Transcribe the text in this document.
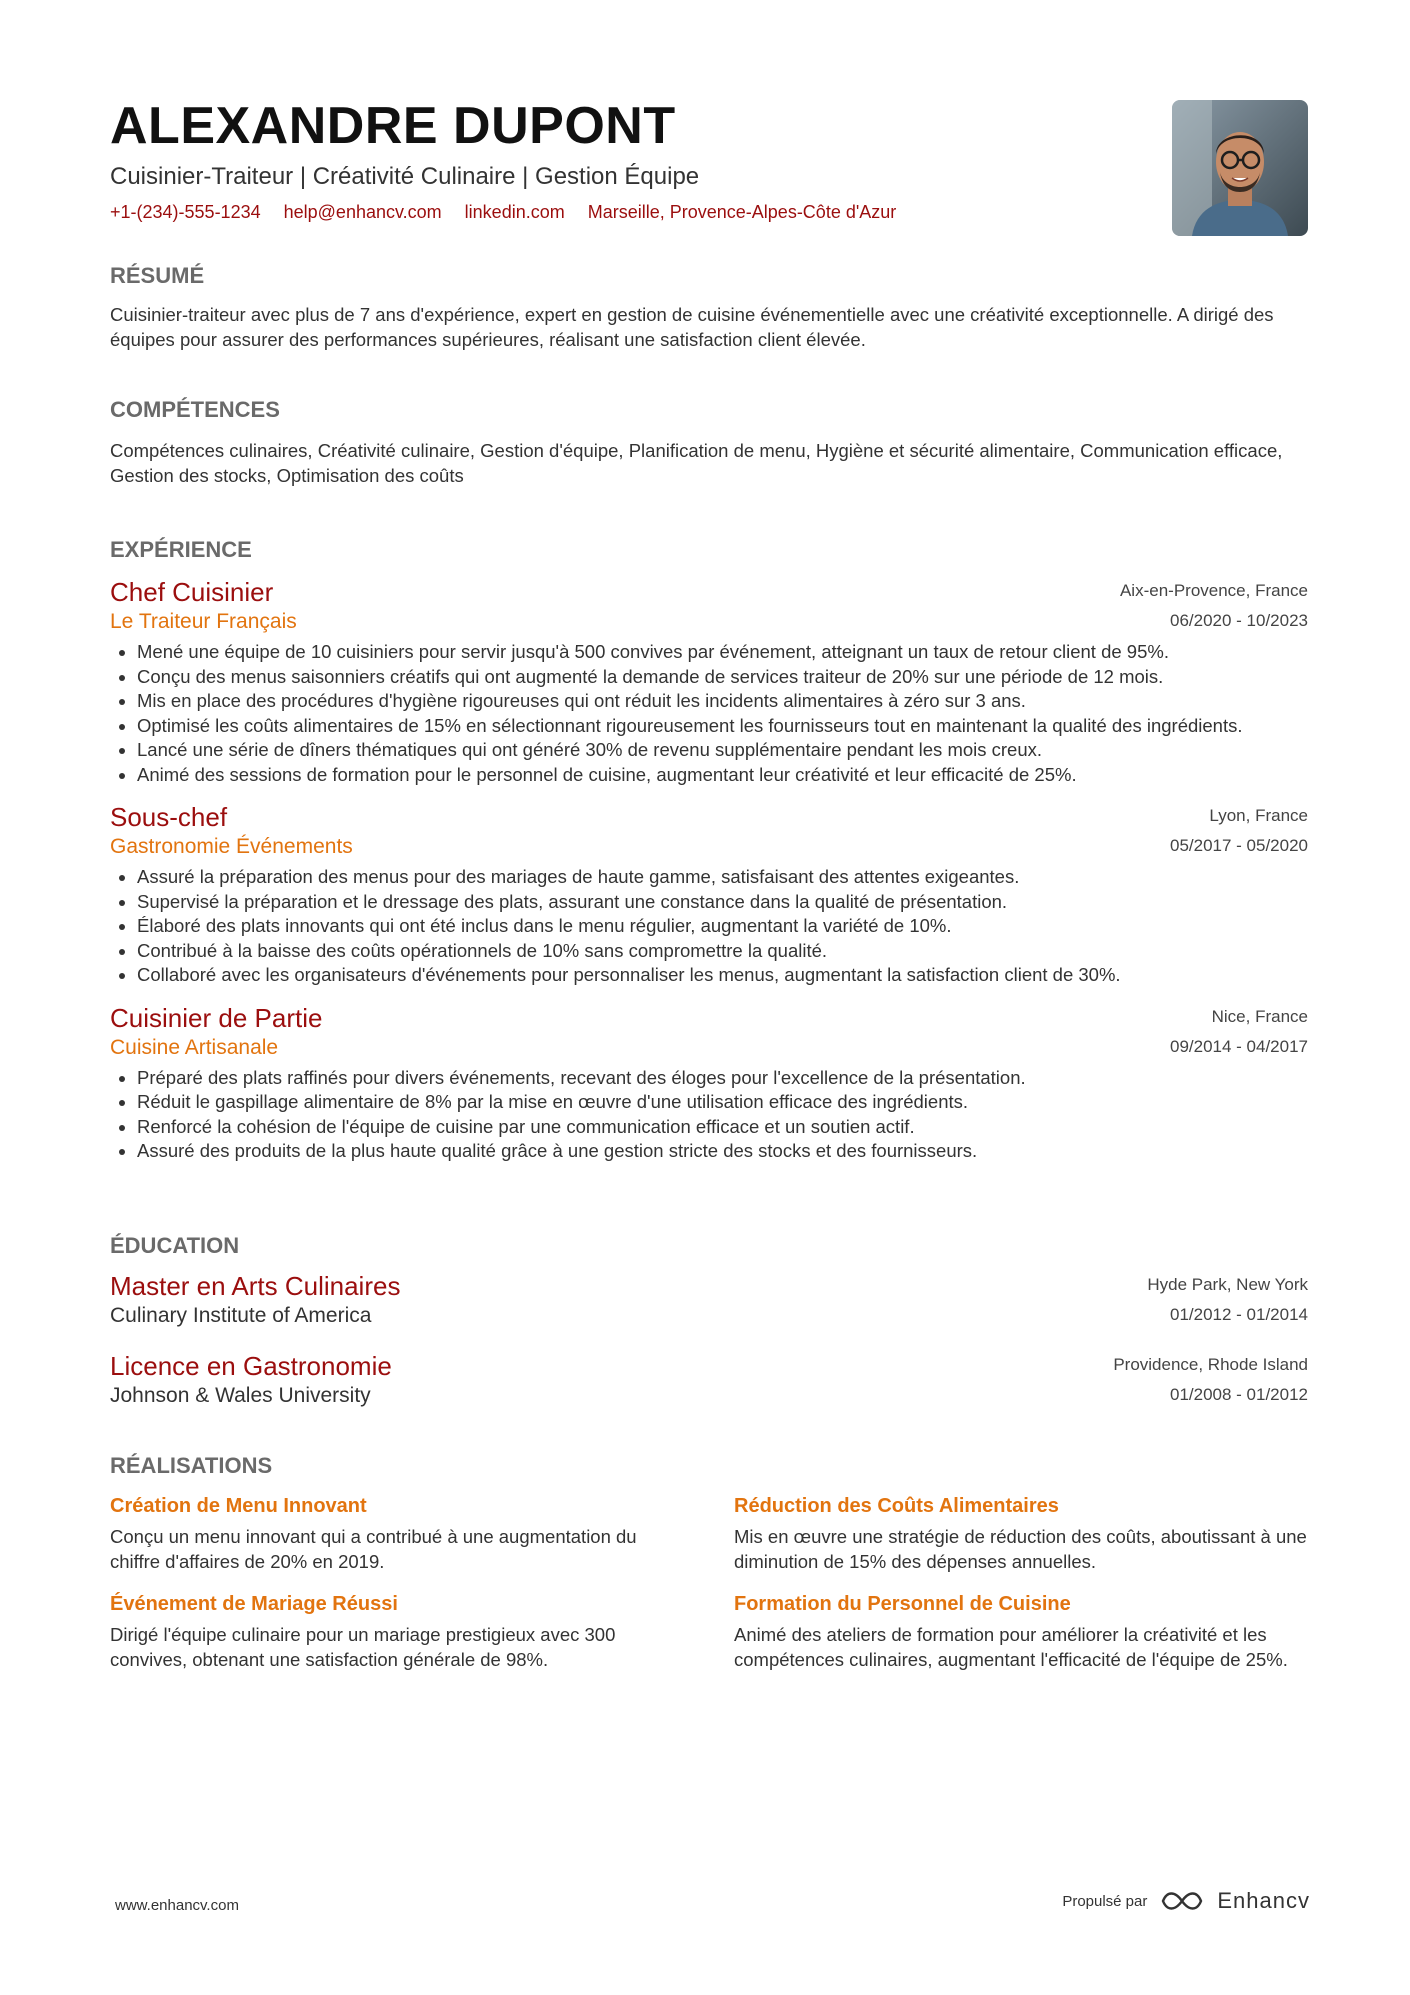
ALEXANDRE DUPONT
Cuisinier-Traiteur | Créativité Culinaire | Gestion Équipe
+1-(234)-555-1234 help@enhancv.com linkedin.com Marseille, Provence-Alpes-Côte d'Azur
RÉSUMÉ
Cuisinier-traiteur avec plus de 7 ans d'expérience, expert en gestion de cuisine événementielle avec une créativité exceptionnelle. A dirigé des équipes pour assurer des performances supérieures, réalisant une satisfaction client élevée.
COMPÉTENCES
Compétences culinaires, Créativité culinaire, Gestion d'équipe, Planification de menu, Hygiène et sécurité alimentaire, Communication efficace, Gestion des stocks, Optimisation des coûts
EXPÉRIENCE
Chef Cuisinier
Le Traiteur Français
Aix-en-Provence, France
06/2020 - 10/2023
• Mené une équipe de 10 cuisiniers pour servir jusqu'à 500 convives par événement, atteignant un taux de retour client de 95%.
• Conçu des menus saisonniers créatifs qui ont augmenté la demande de services traiteur de 20% sur une période de 12 mois.
• Mis en place des procédures d'hygiène rigoureuses qui ont réduit les incidents alimentaires à zéro sur 3 ans.
• Optimisé les coûts alimentaires de 15% en sélectionnant rigoureusement les fournisseurs tout en maintenant la qualité des ingrédients.
• Lancé une série de dîners thématiques qui ont généré 30% de revenu supplémentaire pendant les mois creux.
• Animé des sessions de formation pour le personnel de cuisine, augmentant leur créativité et leur efficacité de 25%.
Sous-chef
Gastronomie Événements
Lyon, France
05/2017 - 05/2020
• Assuré la préparation des menus pour des mariages de haute gamme, satisfaisant des attentes exigeantes.
• Supervisé la préparation et le dressage des plats, assurant une constance dans la qualité de présentation.
• Élaboré des plats innovants qui ont été inclus dans le menu régulier, augmentant la variété de 10%.
• Contribué à la baisse des coûts opérationnels de 10% sans compromettre la qualité.
• Collaboré avec les organisateurs d'événements pour personnaliser les menus, augmentant la satisfaction client de 30%.
Cuisinier de Partie
Cuisine Artisanale
Nice, France
09/2014 - 04/2017
• Préparé des plats raffinés pour divers événements, recevant des éloges pour l'excellence de la présentation.
• Réduit le gaspillage alimentaire de 8% par la mise en œuvre d'une utilisation efficace des ingrédients.
• Renforcé la cohésion de l'équipe de cuisine par une communication efficace et un soutien actif.
• Assuré des produits de la plus haute qualité grâce à une gestion stricte des stocks et des fournisseurs.
ÉDUCATION
Master en Arts Culinaires
Culinary Institute of America
Hyde Park, New York
01/2012 - 01/2014
Licence en Gastronomie
Johnson & Wales University
Providence, Rhode Island
01/2008 - 01/2012
RÉALISATIONS
Création de Menu Innovant
Conçu un menu innovant qui a contribué à une augmentation du chiffre d'affaires de 20% en 2019.
Réduction des Coûts Alimentaires
Mis en œuvre une stratégie de réduction des coûts, aboutissant à une diminution de 15% des dépenses annuelles.
Événement de Mariage Réussi
Dirigé l'équipe culinaire pour un mariage prestigieux avec 300 convives, obtenant une satisfaction générale de 98%.
Formation du Personnel de Cuisine
Animé des ateliers de formation pour améliorer la créativité et les compétences culinaires, augmentant l'efficacité de l'équipe de 25%.
www.enhancv.com	Propulsé par	Enhancv
